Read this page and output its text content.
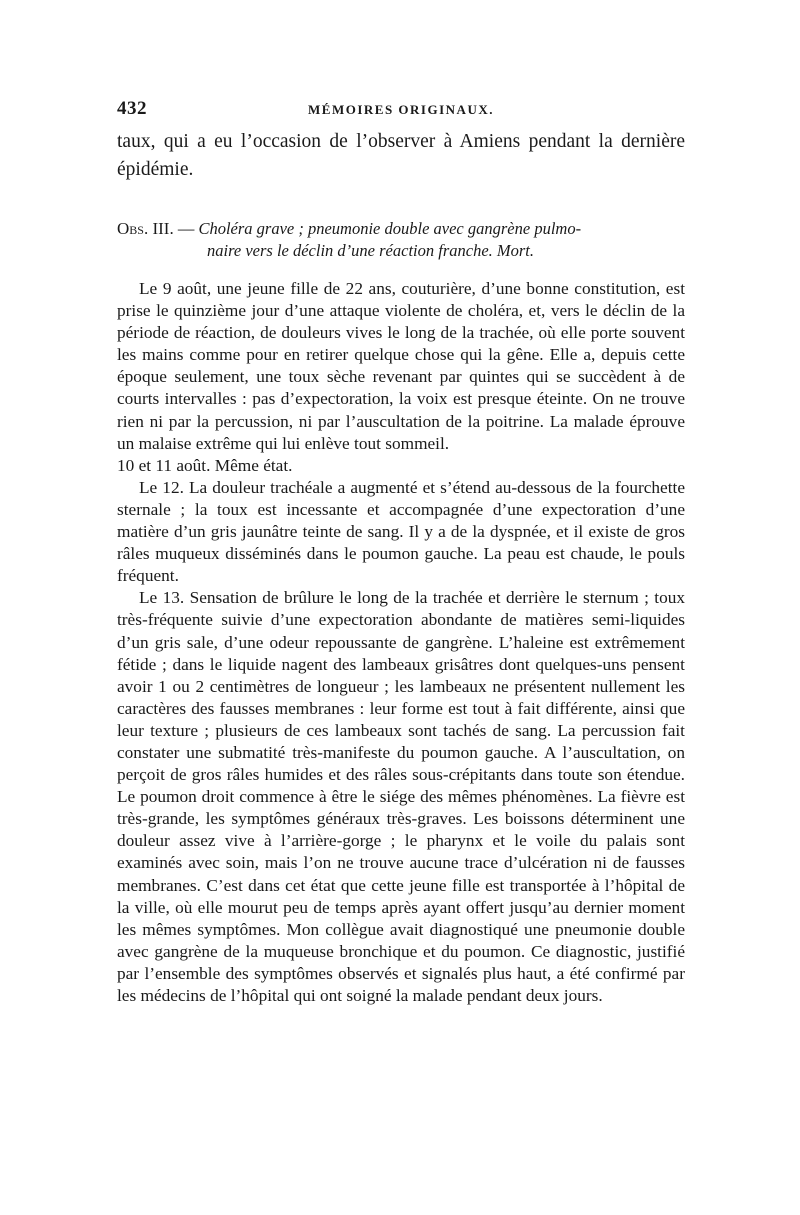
432	MÉMOIRES ORIGINAUX.

taux, qui a eu l’occasion de l’observer à Amiens pendant la dernière épidémie.

Obs. III. — Choléra grave ; pneumonie double avec gangrène pulmo-
naire vers le déclin d’une réaction franche. Mort.

Le 9 août, une jeune fille de 22 ans, couturière, d’une bonne constitution, est prise le quinzième jour d’une attaque violente de choléra, et, vers le déclin de la période de réaction, de douleurs vives le long de la trachée, où elle porte souvent les mains comme pour en retirer quelque chose qui la gêne. Elle a, depuis cette époque seulement, une toux sèche revenant par quintes qui se succèdent à de courts intervalles : pas d’expectoration, la voix est presque éteinte. On ne trouve rien ni par la percussion, ni par l’auscultation de la poitrine. La malade éprouve un malaise extrême qui lui enlève tout sommeil.

10 et 11 août. Même état.

Le 12. La douleur trachéale a augmenté et s’étend au-dessous de la fourchette sternale ; la toux est incessante et accompagnée d’une expectoration d’une matière d’un gris jaunâtre teinte de sang. Il y a de la dyspnée, et il existe de gros râles muqueux disséminés dans le poumon gauche. La peau est chaude, le pouls fréquent.

Le 13. Sensation de brûlure le long de la trachée et derrière le sternum ; toux très-fréquente suivie d’une expectoration abondante de matières semi-liquides d’un gris sale, d’une odeur repoussante de gangrène. L’haleine est extrêmement fétide ; dans le liquide nagent des lambeaux grisâtres dont quelques-uns pensent avoir 1 ou 2 centimètres de longueur ; les lambeaux ne présentent nullement les caractères des fausses membranes : leur forme est tout à fait différente, ainsi que leur texture ; plusieurs de ces lambeaux sont tachés de sang. La percussion fait constater une submatité très-manifeste du poumon gauche. A l’auscultation, on perçoit de gros râles humides et des râles sous-crépitants dans toute son étendue. Le poumon droit commence à être le siége des mêmes phénomènes. La fièvre est très-grande, les symptômes généraux très-graves. Les boissons déterminent une douleur assez vive à l’arrière-gorge ; le pharynx et le voile du palais sont examinés avec soin, mais l’on ne trouve aucune trace d’ulcération ni de fausses membranes. C’est dans cet état que cette jeune fille est transportée à l’hôpital de la ville, où elle mourut peu de temps après ayant offert jusqu’au dernier moment les mêmes symptômes. Mon collègue avait diagnostiqué une pneumonie double avec gangrène de la muqueuse bronchique et du poumon. Ce diagnostic, justifié par l’ensemble des symptômes observés et signalés plus haut, a été confirmé par les médecins de l’hôpital qui ont soigné la malade pendant deux jours.
